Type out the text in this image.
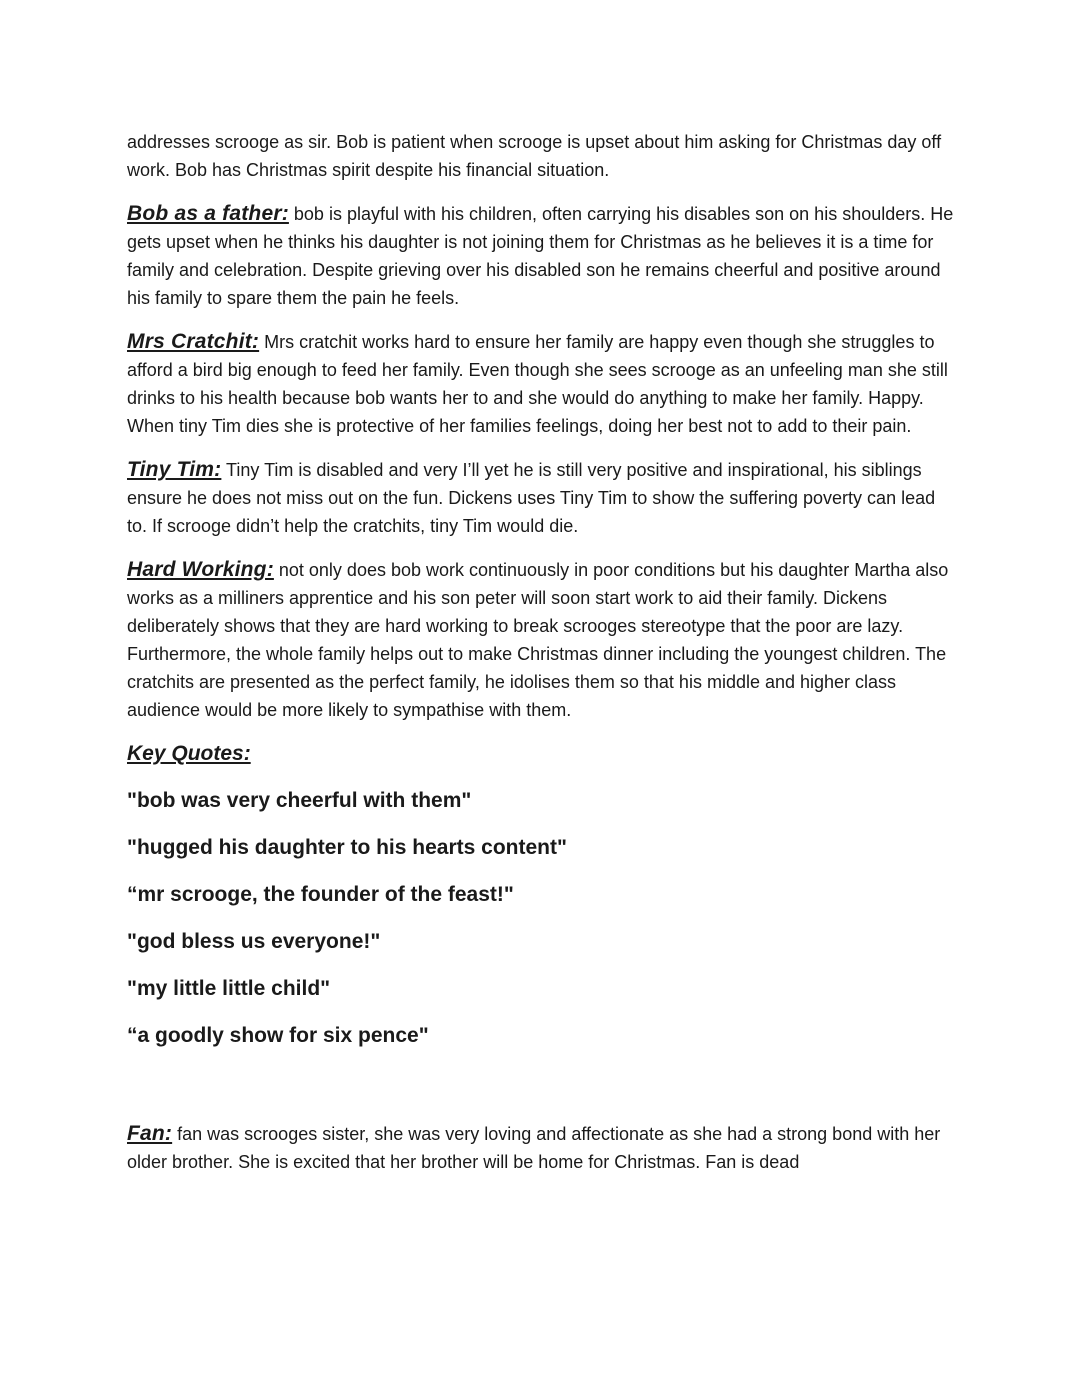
addresses scrooge as sir. Bob is patient when scrooge is upset about him asking for Christmas day off work. Bob has Christmas spirit despite his financial situation.

Bob as a father: bob is playful with his children, often carrying his disables son on his shoulders. He gets upset when he thinks his daughter is not joining them for Christmas as he believes it is a time for family and celebration. Despite grieving over his disabled son he remains cheerful and positive around his family to spare them the pain he feels.

Mrs Cratchit: Mrs cratchit works hard to ensure her family are happy even though she struggles to afford a bird big enough to feed her family. Even though she sees scrooge as an unfeeling man she still drinks to his health because bob wants her to and she would do anything to make her family. Happy. When tiny Tim dies she is protective of her families feelings, doing her best not to add to their pain.

Tiny Tim: Tiny Tim is disabled and very I’ll yet he is still very positive and inspirational, his siblings ensure he does not miss out on the fun. Dickens uses Tiny Tim to show the suffering poverty can lead to. If scrooge didn’t help the cratchits, tiny Tim would die.

Hard Working: not only does bob work continuously in poor conditions but his daughter Martha also works as a milliners apprentice and his son peter will soon start work to aid their family. Dickens deliberately shows that they are hard working to break scrooges stereotype that the poor are lazy. Furthermore, the whole family helps out to make Christmas dinner including the youngest children. The cratchits are presented as the perfect family, he idolises them so that his middle and higher class audience would be more likely to sympathise with them.

Key Quotes:

"bob was very cheerful with them"

"hugged his daughter to his hearts content"

“mr scrooge, the founder of the feast!"

"god bless us everyone!"

"my little little child"

“a goodly show for six pence"

Fan: fan was scrooges sister, she was very loving and affectionate as she had a strong bond with her older brother. She is excited that her brother will be home for Christmas. Fan is dead
